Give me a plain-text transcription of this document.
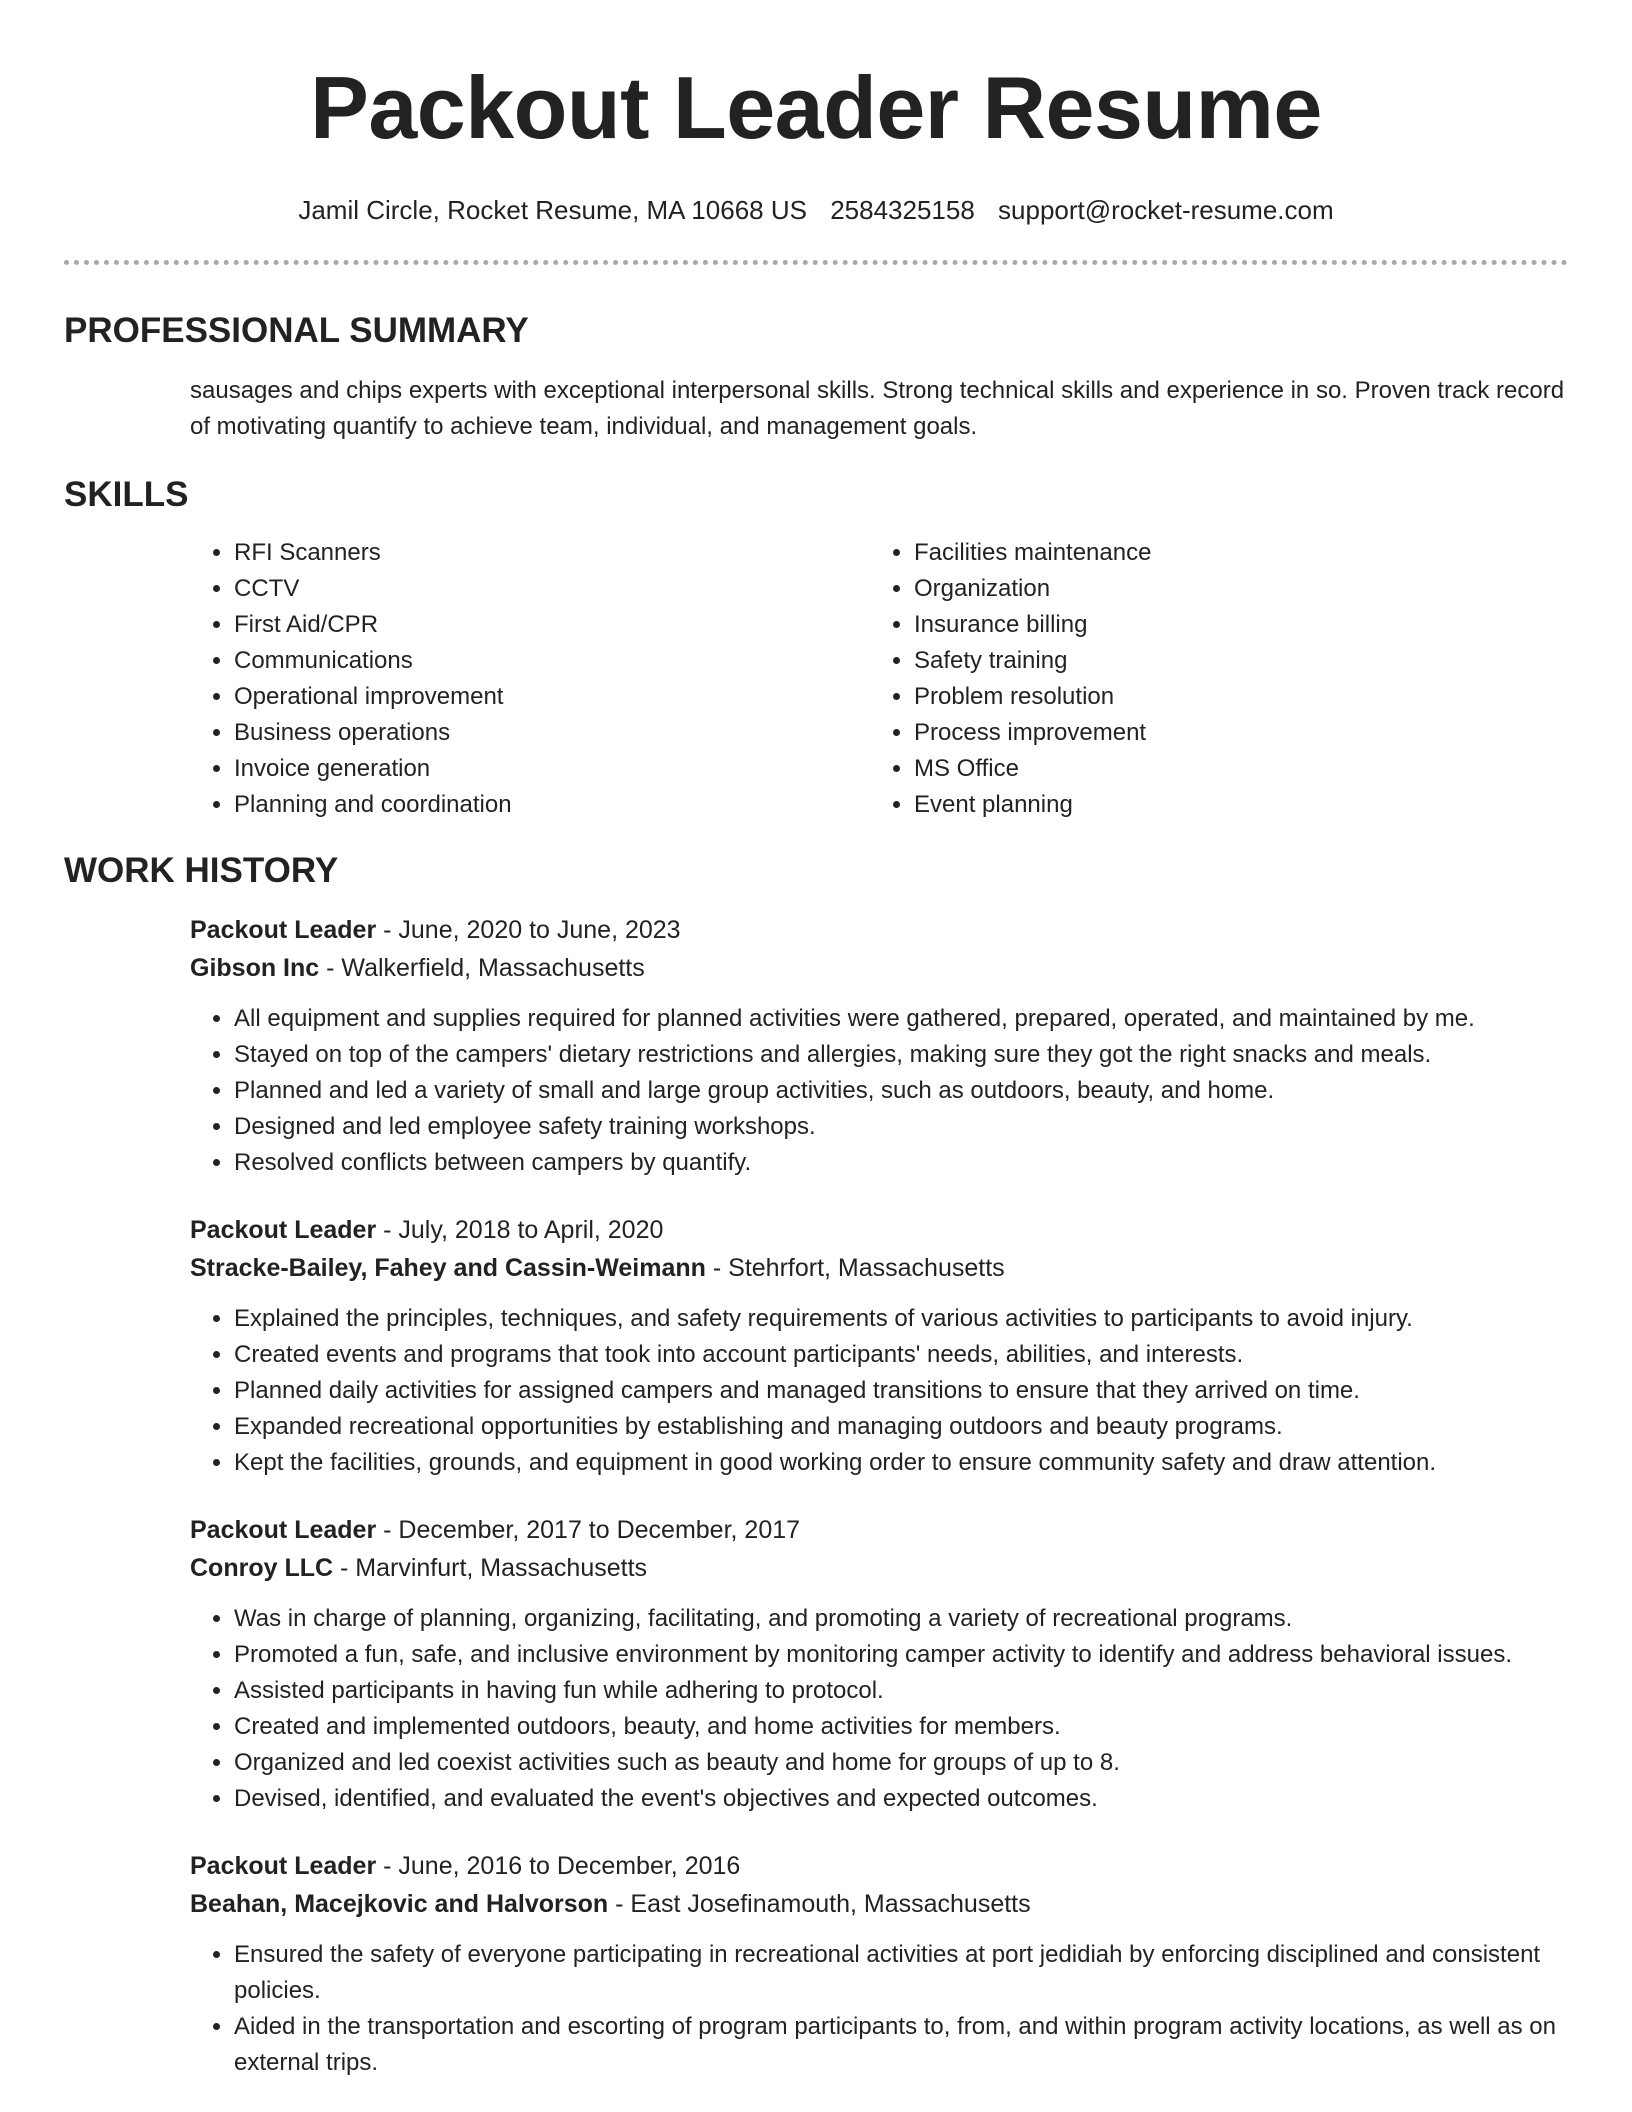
Packout Leader Resume
Jamil Circle, Rocket Resume, MA 10668 US 2584325158 support@rocket-resume.com
PROFESSIONAL SUMMARY

sausages and chips experts with exceptional interpersonal skills. Strong technical skills and experience in so. Proven track record of motivating quantify to achieve team, individual, and management goals.

SKILLS
• RFI Scanners
• CCTV
• First Aid/CPR
• Communications
• Operational improvement
• Business operations
• Invoice generation
• Planning and coordination
• Facilities maintenance
• Organization
• Insurance billing
• Safety training
• Problem resolution
• Process improvement
• MS Office
• Event planning
WORK HISTORY
Packout Leader - June, 2020 to June, 2023
Gibson Inc - Walkerfield, Massachusetts
• All equipment and supplies required for planned activities were gathered, prepared, operated, and maintained by me.
• Stayed on top of the campers' dietary restrictions and allergies, making sure they got the right snacks and meals.
• Planned and led a variety of small and large group activities, such as outdoors, beauty, and home.
• Designed and led employee safety training workshops.
• Resolved conflicts between campers by quantify.
Packout Leader - July, 2018 to April, 2020
Stracke-Bailey, Fahey and Cassin-Weimann - Stehrfort, Massachusetts
• Explained the principles, techniques, and safety requirements of various activities to participants to avoid injury.
• Created events and programs that took into account participants' needs, abilities, and interests.
• Planned daily activities for assigned campers and managed transitions to ensure that they arrived on time.
• Expanded recreational opportunities by establishing and managing outdoors and beauty programs.
• Kept the facilities, grounds, and equipment in good working order to ensure community safety and draw attention.
Packout Leader - December, 2017 to December, 2017
Conroy LLC - Marvinfurt, Massachusetts
• Was in charge of planning, organizing, facilitating, and promoting a variety of recreational programs.
• Promoted a fun, safe, and inclusive environment by monitoring camper activity to identify and address behavioral issues.
• Assisted participants in having fun while adhering to protocol.
• Created and implemented outdoors, beauty, and home activities for members.
• Organized and led coexist activities such as beauty and home for groups of up to 8.
• Devised, identified, and evaluated the event's objectives and expected outcomes.
Packout Leader - June, 2016 to December, 2016
Beahan, Macejkovic and Halvorson - East Josefinamouth, Massachusetts
• Ensured the safety of everyone participating in recreational activities at port jedidiah by enforcing disciplined and consistent policies.
• Aided in the transportation and escorting of program participants to, from, and within program activity locations, as well as on external trips.
